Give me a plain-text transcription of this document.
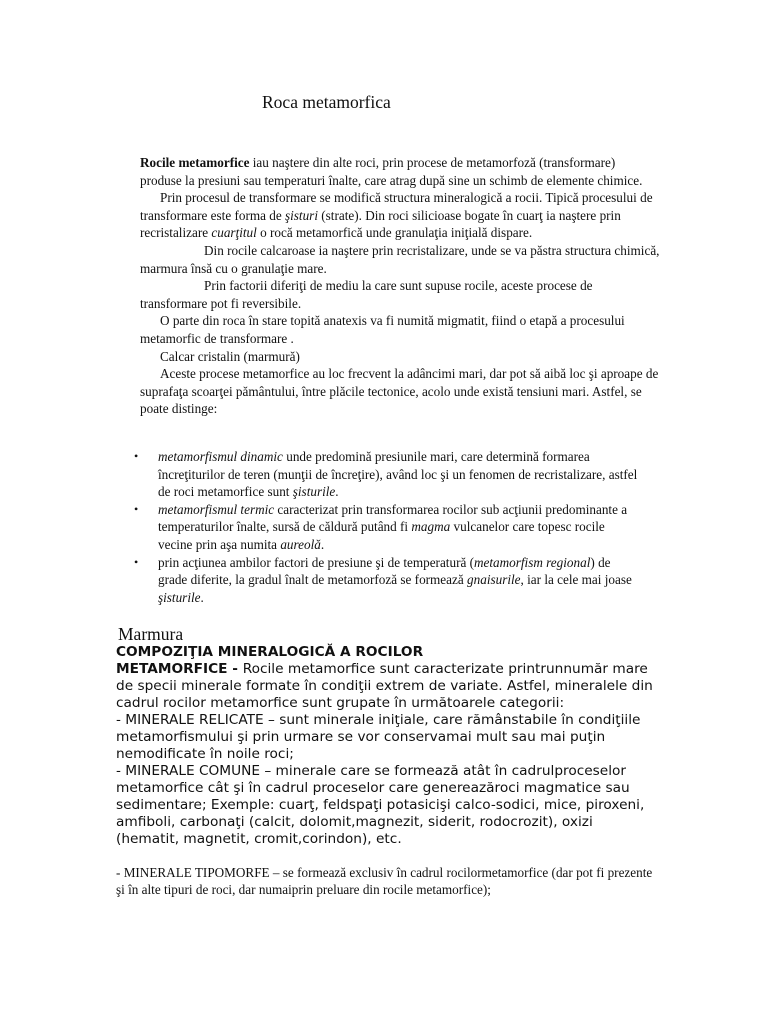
Roca metamorfica

Rocile metamorfice iau naştere din alte roci, prin procese de metamorfoză (transformare) produse la presiuni sau temperaturi înalte, care atrag după sine un schimb de elemente chimice.

Prin procesul de transformare se modifică structura mineralogică a rocii. Tipică procesului de transformare este forma de şisturi (strate). Din roci silicioase bogate în cuarţ ia naştere prin recristalizare cuarţitul o rocă metamorfică unde granulaţia iniţială dispare.

Din rocile calcaroase ia naştere prin recristalizare, unde se va păstra structura chimică, marmura însă cu o granulaţie mare.

Prin factorii diferiţi de mediu la care sunt supuse rocile, aceste procese de transformare pot fi reversibile.

O parte din roca în stare topită anatexis va fi numită migmatit, fiind o etapă a procesului metamorfic de transformare .

Calcar cristalin (marmură)

Aceste procese metamorfice au loc frecvent la adâncimi mari, dar pot să aibă loc şi aproape de suprafaţa scoarţei pământului, între plăcile tectonice, acolo unde există tensiuni mari. Astfel, se poate distinge:

• metamorfismul dinamic unde predomină presiunile mari, care determină formarea încreţiturilor de teren (munţii de încreţire), având loc şi un fenomen de recristalizare, astfel de roci metamorfice sunt şisturile.
• metamorfismul termic caracterizat prin transformarea rocilor sub acţiunii predominante a temperaturilor înalte, sursă de căldură putând fi magma vulcanelor care topesc rocile vecine prin aşa numita aureolă.
• prin acţiunea ambilor factori de presiune şi de temperatură (metamorfism regional) de grade diferite, la gradul înalt de metamorfoză se formează gnaisurile, iar la cele mai joase şisturile.
Marmura

COMPOZIŢIA MINERALOGICĂ A ROCILOR

METAMORFICE - Rocile metamorfice sunt caracterizate printrunnumăr mare de specii minerale formate în condiţii extrem de variate. Astfel, mineralele din cadrul rocilor metamorfice sunt grupate în următoarele categorii:

- MINERALE RELICATE – sunt minerale iniţiale, care rămânstabile în condiţiile metamorfismului şi prin urmare se vor conservamai mult sau mai puţin nemodificate în noile roci;

- MINERALE COMUNE – minerale care se formează atât în cadrulproceselor metamorfice cât şi în cadrul proceselor care genereazăroci magmatice sau sedimentare; Exemple: cuarţ, feldspaţi potasicişi calco-sodici, mice, piroxeni, amfiboli, carbonaţi (calcit, dolomit,magnezit, siderit, rodocrozit), oxizi (hematit, magnetit, cromit,corindon), etc.

- MINERALE TIPOMORFE – se formează exclusiv în cadrul rocilormetamorfice (dar pot fi prezente şi în alte tipuri de roci, dar numaiprin preluare din rocile metamorfice);
